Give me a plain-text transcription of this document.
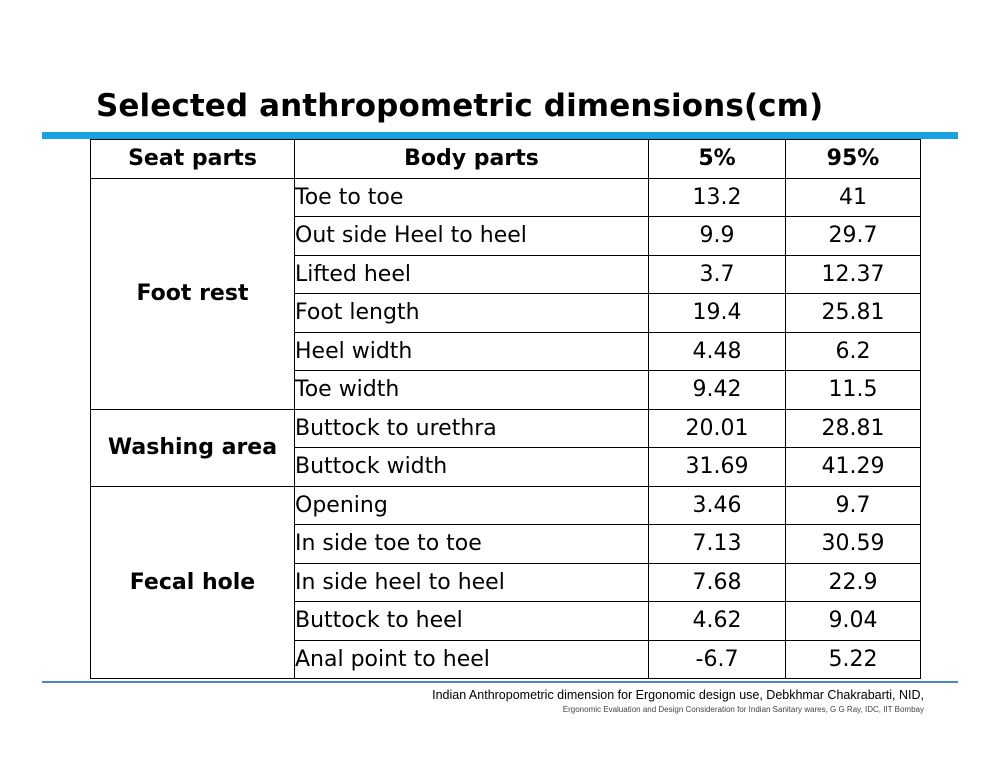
Selected anthropometric dimensions(cm)
Seat parts	Body parts	5%	95%
Foot rest	Toe to toe	13.2	41
	Out side Heel to heel	9.9	29.7
	Lifted heel	3.7	12.37
	Foot length	19.4	25.81
	Heel width	4.48	6.2
	Toe width	9.42	11.5
Washing area	Buttock to urethra	20.01	28.81
	Buttock width	31.69	41.29
Fecal hole	Opening	3.46	9.7
	In side toe to toe	7.13	30.59
	In side heel to heel	7.68	22.9
	Buttock to heel	4.62	9.04
	Anal point to heel	-6.7	5.22
Indian Anthropometric dimension for Ergonomic design use, Debkhmar Chakrabarti, NID,
Ergonomic Evaluation and Design Consideration for Indian Sanitary wares, G G Ray, IDC, IIT Bombay
